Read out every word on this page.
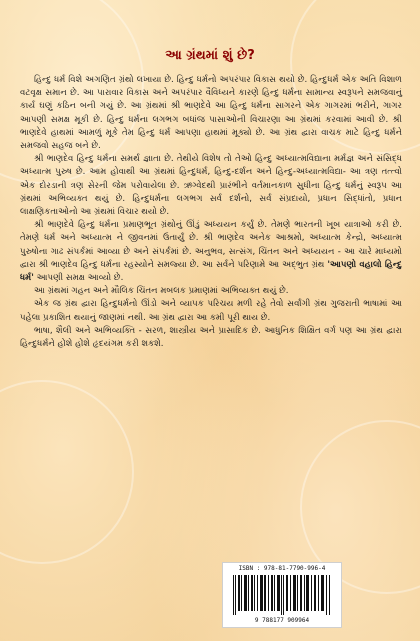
આ ગ્રંથમાં શું છે?

હિન્દુ ધર્મ વિશે અગણિત ગ્રંથો લખાયા છે. હિન્દુ ધર્મનો અપરંપાર વિકાસ થયો છે. હિન્દુધર્મ એક અતિ વિશાળ વટવૃક્ષ સમાન છે. આ પારાવાર વિકાસ અને અપરંપાર વૈવિધ્યને કારણે હિન્દુ ધર્મના સામાન્ય સ્વરૂપને સમજવાનું કાર્ય ઘણું કઠિન બની ગયું છે. આ ગ્રંથમાં શ્રી ભાણદેવે આ હિન્દુ ધર્મના સાગરને એક ગાગરમાં ભરીને, ગાગર આપણી સમક્ષ મૂકી છે. હિન્દુ ધર્મના લગભગ બધાંજ પાસાઓની વિચારણા આ ગ્રંથમાં કરવામાં આવી છે. શ્રી ભાણદેવે હાથમાં આમળું મૂકે તેમ હિન્દુ ધર્મ આપણા હાથમાં મૂક્યો છે. આ ગ્રંથ દ્વારા વાચક માટે હિન્દુ ધર્મને સમજવો સહજ બને છે.

શ્રી ભાણદેવ હિન્દુ ધર્મના સમર્થ જ્ઞાતા છે. તેથીયે વિશેષ તો તેઓ હિન્દુ અધ્યાત્મવિદ્યાના મર્મજ્ઞ અને સંસિદ્ધ અધ્યાત્મ પુરુષ છે. આમ હોવાથી આ ગ્રંથમાં હિન્દુધર્મ, હિન્દુ-દર્શન અને હિન્દુ-અધ્યાત્મવિદ્યા- આ ત્રણ તત્ત્વો એક દોરડાની ત્રણ સેરની જેમ પરોવાયેલા છે. ઋગ્વેદથી પ્રારંભીને વર્તમાનકાળ સુધીના હિન્દુ ધર્મનું સ્વરૂપ આ ગ્રંથમાં અભિવ્યક્ત થયું છે. હિન્દુધર્મના લગભગ સર્વ દર્શનો, સર્વ સંપ્રદાયો, પ્રધાન સિદ્ધાંતો, પ્રધાન લાક્ષણિકતાઓનો આ ગ્રંથમાં વિચાર થયો છે.

શ્રી ભાણદેવે હિન્દુ ધર્મના પ્રમાણભૂત ગ્રંથોનું ઊંડું અધ્યયન કર્યું છે. તેમણે ભારતની ખૂબ યાત્રાઓ કરી છે. તેમણે ધર્મ અને અધ્યાત્મ ને જીવનમાં ઉતાર્યું છે. શ્રી ભાણદેવ અનેક આશ્રમો, અધ્યાત્મ કેન્દ્રો, અધ્યાત્મ પુરુષોના ગાઢ સંપર્કમાં આવ્યા છે અને સંપર્કમાં છે. અનુભવ, સત્સંગ, ચિંતન અને અધ્યયન - આ ચારે માધ્યમો દ્વારા શ્રી ભાણદેવ હિન્દુ ધર્મના રહસ્યોને સમજ્યા છે. આ સર્વને પરિણામે આ અદ્ભુત ગ્રંથ 'આપણો વહાલો હિન્દુ ધર્મ' આપણી સમક્ષ આવ્યો છે.

આ ગ્રંથમાં ગહન અને મૌલિક ચિંતન મબલક પ્રમાણમાં અભિવ્યક્ત થયું છે.

એક જ ગ્રંથ દ્વારા હિન્દુધર્મનો ઊંડો અને વ્યાપક પરિચય મળી રહે તેવો સર્વાંગી ગ્રંથ ગુજરાતી ભાષામાં આ પહેલા પ્રકાશિત થયાનું જાણમાં નથી. આ ગ્રંથ દ્વારા આ કમી પૂરી થાય છે.

ભાષા, શૈલી અને અભિવ્યક્તિ - સરળ, શાસ્ત્રીય અને પ્રાસાદિક છે. આધુનિક શિક્ષિત વર્ગ પણ આ ગ્રંથ દ્વારા હિન્દુધર્મને હોંશે હોંશે હૃદયંગમ કરી શકશે.

ISBN : 978-81-7790-996-4
9 788177 909964
